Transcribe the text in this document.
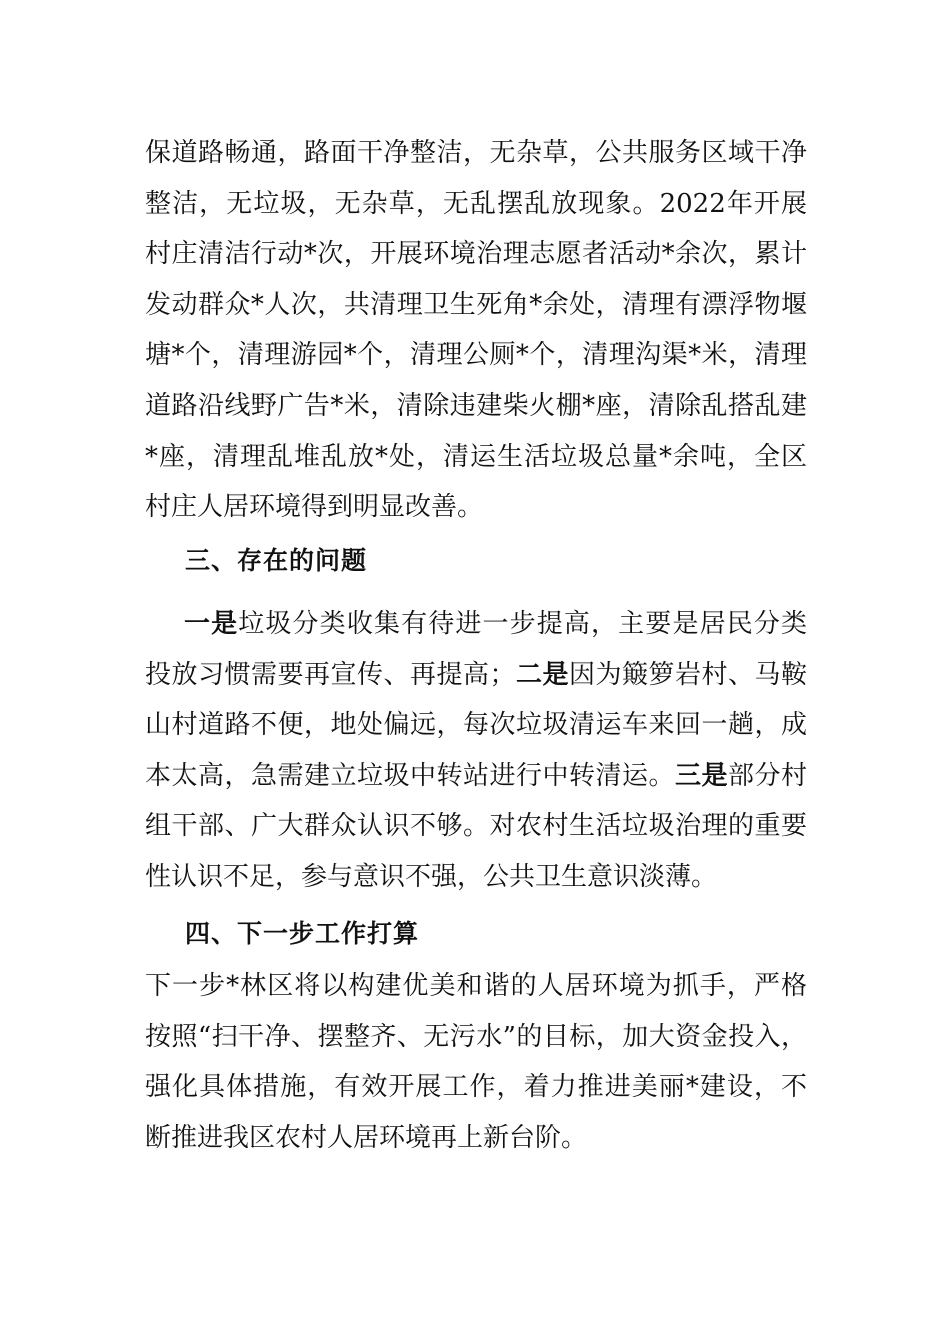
保道路畅通，路面干净整洁，无杂草，公共服务区域干净整洁，无垃圾，无杂草，无乱摆乱放现象。2022年开展村庄清洁行动*次，开展环境治理志愿者活动*余次，累计发动群众*人次，共清理卫生死角*余处，清理有漂浮物堰塘*个，清理游园*个，清理公厕*个，清理沟渠*米，清理道路沿线野广告*米，清除违建柴火棚*座，清除乱搭乱建*座，清理乱堆乱放*处，清运生活垃圾总量*余吨，全区村庄人居环境得到明显改善。

三、存在的问题

一是垃圾分类收集有待进一步提高，主要是居民分类投放习惯需要再宣传、再提高；二是因为簸箩岩村、马鞍山村道路不便，地处偏远，每次垃圾清运车来回一趟，成本太高，急需建立垃圾中转站进行中转清运。三是部分村组干部、广大群众认识不够。对农村生活垃圾治理的重要性认识不足，参与意识不强，公共卫生意识淡薄。

四、下一步工作打算

下一步*林区将以构建优美和谐的人居环境为抓手，严格按照“扫干净、摆整齐、无污水”的目标，加大资金投入，强化具体措施，有效开展工作，着力推进美丽*建设，不断推进我区农村人居环境再上新台阶。
